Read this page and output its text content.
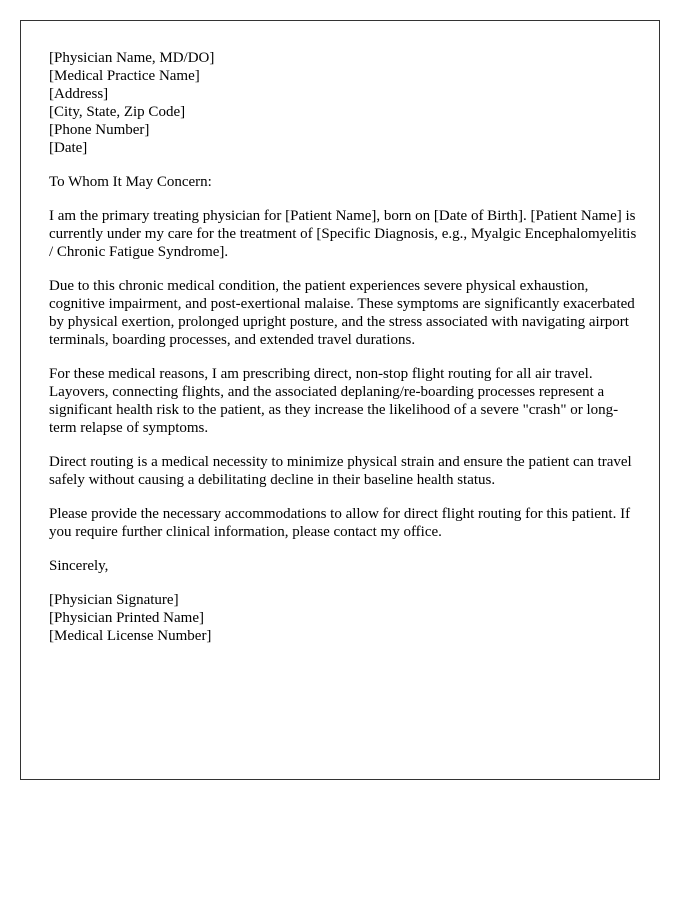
[Physician Name, MD/DO]
[Medical Practice Name]
[Address]
[City, State, Zip Code]
[Phone Number]
[Date]

To Whom It May Concern:

I am the primary treating physician for [Patient Name], born on [Date of Birth]. [Patient Name] is currently under my care for the treatment of [Specific Diagnosis, e.g., Myalgic Encephalomyelitis / Chronic Fatigue Syndrome].

Due to this chronic medical condition, the patient experiences severe physical exhaustion, cognitive impairment, and post-exertional malaise. These symptoms are significantly exacerbated by physical exertion, prolonged upright posture, and the stress associated with navigating airport terminals, boarding processes, and extended travel durations.

For these medical reasons, I am prescribing direct, non-stop flight routing for all air travel. Layovers, connecting flights, and the associated deplaning/re-boarding processes represent a significant health risk to the patient, as they increase the likelihood of a severe "crash" or long-term relapse of symptoms.

Direct routing is a medical necessity to minimize physical strain and ensure the patient can travel safely without causing a debilitating decline in their baseline health status.

Please provide the necessary accommodations to allow for direct flight routing for this patient. If you require further clinical information, please contact my office.

Sincerely,

[Physician Signature]
[Physician Printed Name]
[Medical License Number]
